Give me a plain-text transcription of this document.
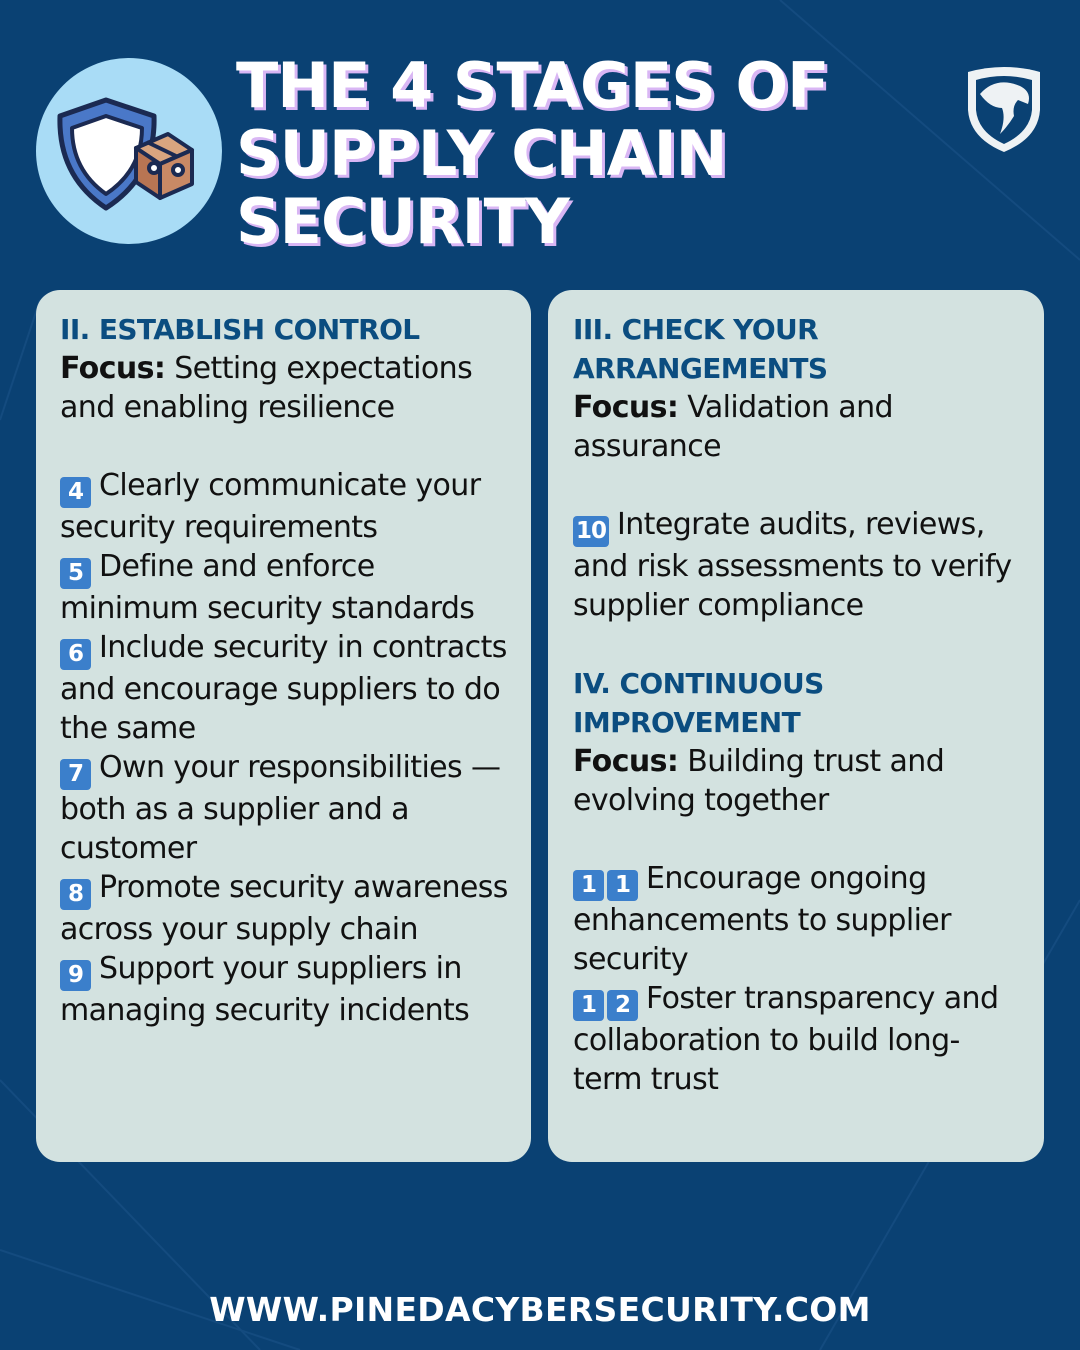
THE 4 STAGES OF
SUPPLY CHAIN
SECURITY
II. ESTABLISH CONTROL
Focus: Setting expectations and enabling resilience
4 Clearly communicate your security requirements
5 Define and enforce minimum security standards
6 Include security in contracts and encourage suppliers to do the same
7 Own your responsibilities —both as a supplier and a customer
8 Promote security awareness across your supply chain
9 Support your suppliers in managing security incidents
III. CHECK YOUR
ARRANGEMENTS
Focus: Validation and assurance
10 Integrate audits, reviews, and risk assessments to verify supplier compliance
IV. CONTINUOUS
IMPROVEMENT
Focus: Building trust and evolving together
1 1 Encourage ongoing enhancements to supplier security
1 2 Foster transparency and collaboration to build long-term trust
WWW.PINEDACYBERSECURITY.COM
